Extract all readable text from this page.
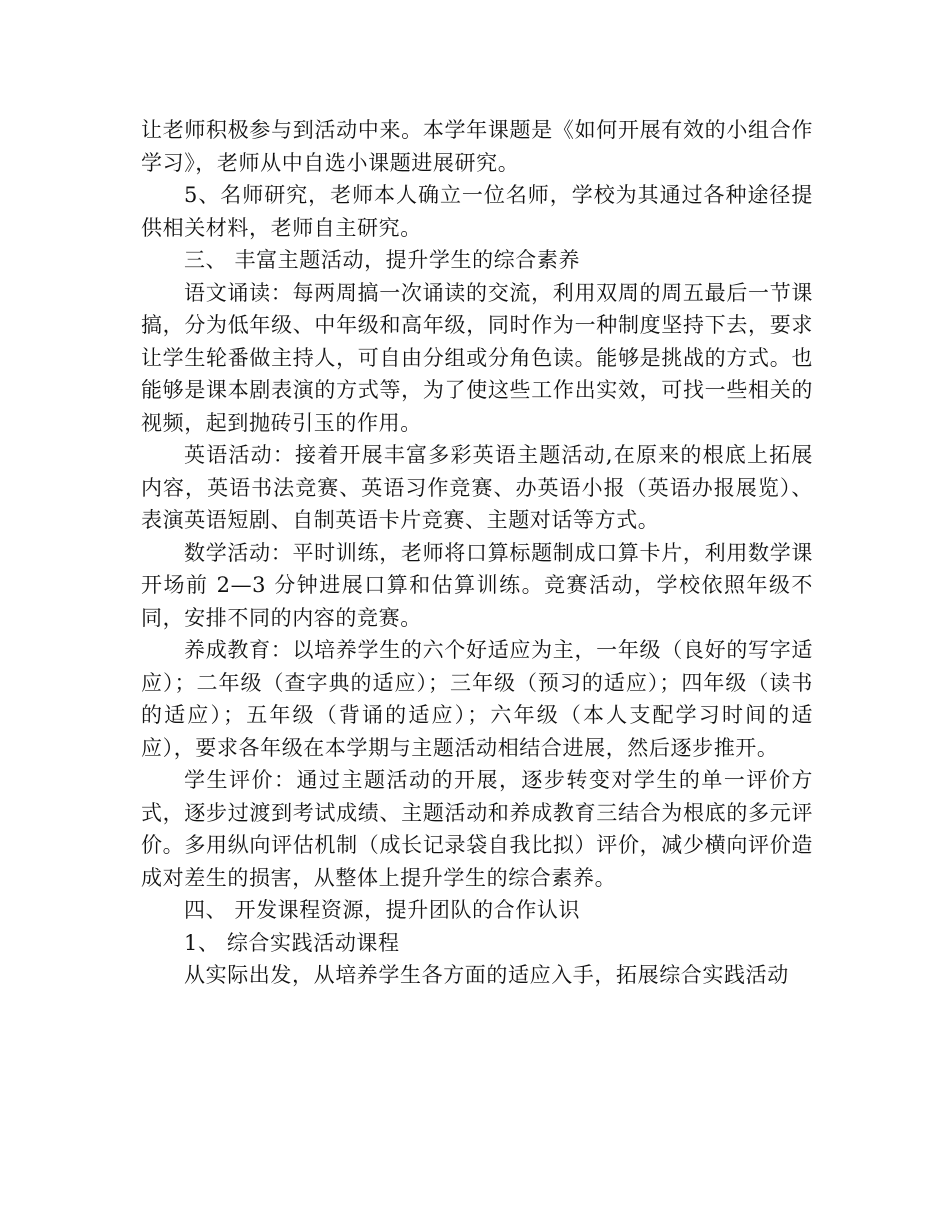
让老师积极参与到活动中来。本学年课题是《如何开展有效的小组合作学习》，老师从中自选小课题进展研究。

5、名师研究，老师本人确立一位名师，学校为其通过各种途径提供相关材料，老师自主研究。

三、 丰富主题活动，提升学生的综合素养

语文诵读：每两周搞一次诵读的交流，利用双周的周五最后一节课搞，分为低年级、中年级和高年级，同时作为一种制度坚持下去，要求让学生轮番做主持人，可自由分组或分角色读。能够是挑战的方式。也能够是课本剧表演的方式等，为了使这些工作出实效，可找一些相关的视频，起到抛砖引玉的作用。

英语活动：接着开展丰富多彩英语主题活动,在原来的根底上拓展内容，英语书法竞赛、英语习作竞赛、办英语小报（英语办报展览）、表演英语短剧、自制英语卡片竞赛、主题对话等方式。

数学活动：平时训练，老师将口算标题制成口算卡片，利用数学课开场前 2—3 分钟进展口算和估算训练。竞赛活动，学校依照年级不同，安排不同的内容的竞赛。

养成教育：以培养学生的六个好适应为主，一年级（良好的写字适应）；二年级（查字典的适应）；三年级（预习的适应）；四年级（读书的适应）；五年级（背诵的适应）；六年级（本人支配学习时间的适应），要求各年级在本学期与主题活动相结合进展，然后逐步推开。

学生评价：通过主题活动的开展，逐步转变对学生的单一评价方式，逐步过渡到考试成绩、主题活动和养成教育三结合为根底的多元评价。多用纵向评估机制（成长记录袋自我比拟）评价，减少横向评价造成对差生的损害，从整体上提升学生的综合素养。

四、 开发课程资源，提升团队的合作认识

1、 综合实践活动课程

从实际出发，从培养学生各方面的适应入手，拓展综合实践活动
